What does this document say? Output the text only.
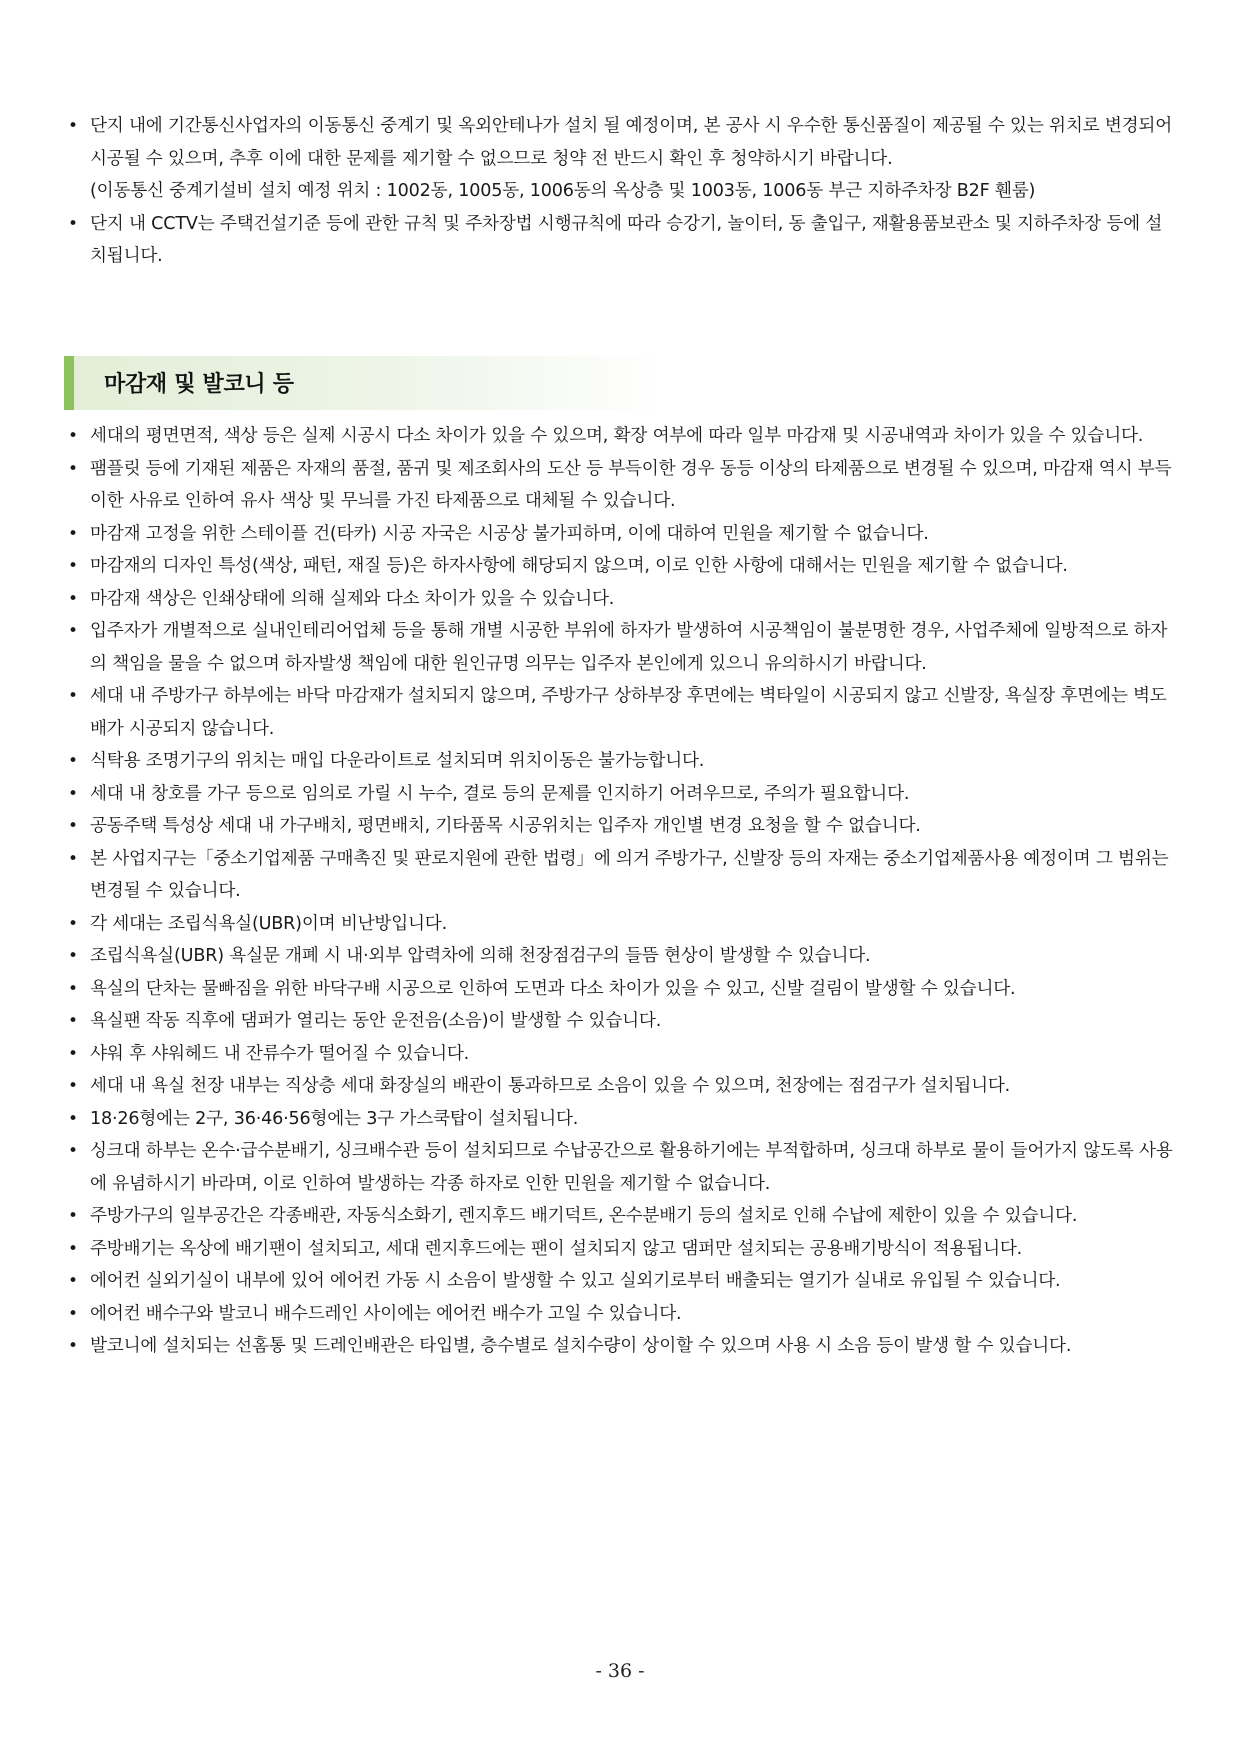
• 단지 내에 기간통신사업자의 이동통신 중계기 및 옥외안테나가 설치 될 예정이며, 본 공사 시 우수한 통신품질이 제공될 수 있는 위치로 변경되어 시공될 수 있으며, 추후 이에 대한 문제를 제기할 수 없으므로 청약 전 반드시 확인 후 청약하시기 바랍니다.
(이동통신 중계기설비 설치 예정 위치 : 1002동, 1005동, 1006동의 옥상층 및 1003동, 1006동 부근 지하주차장 B2F 휀룸)
• 단지 내 CCTV는 주택건설기준 등에 관한 규칙 및 주차장법 시행규칙에 따라 승강기, 놀이터, 동 출입구, 재활용품보관소 및 지하주차장 등에 설치됩니다.
마감재 및 발코니 등
• 세대의 평면면적, 색상 등은 실제 시공시 다소 차이가 있을 수 있으며, 확장 여부에 따라 일부 마감재 및 시공내역과 차이가 있을 수 있습니다.
• 팸플릿 등에 기재된 제품은 자재의 품절, 품귀 및 제조회사의 도산 등 부득이한 경우 동등 이상의 타제품으로 변경될 수 있으며, 마감재 역시 부득이한 사유로 인하여 유사 색상 및 무늬를 가진 타제품으로 대체될 수 있습니다.
• 마감재 고정을 위한 스테이플 건(타카) 시공 자국은 시공상 불가피하며, 이에 대하여 민원을 제기할 수 없습니다.
• 마감재의 디자인 특성(색상, 패턴, 재질 등)은 하자사항에 해당되지 않으며, 이로 인한 사항에 대해서는 민원을 제기할 수 없습니다.
• 마감재 색상은 인쇄상태에 의해 실제와 다소 차이가 있을 수 있습니다.
• 입주자가 개별적으로 실내인테리어업체 등을 통해 개별 시공한 부위에 하자가 발생하여 시공책임이 불분명한 경우, 사업주체에 일방적으로 하자의 책임을 물을 수 없으며 하자발생 책임에 대한 원인규명 의무는 입주자 본인에게 있으니 유의하시기 바랍니다.
• 세대 내 주방가구 하부에는 바닥 마감재가 설치되지 않으며, 주방가구 상하부장 후면에는 벽타일이 시공되지 않고 신발장, 욕실장 후면에는 벽도배가 시공되지 않습니다.
• 식탁용 조명기구의 위치는 매입 다운라이트로 설치되며 위치이동은 불가능합니다.
• 세대 내 창호를 가구 등으로 임의로 가릴 시 누수, 결로 등의 문제를 인지하기 어려우므로, 주의가 필요합니다.
• 공동주택 특성상 세대 내 가구배치, 평면배치, 기타품목 시공위치는 입주자 개인별 변경 요청을 할 수 없습니다.
• 본 사업지구는「중소기업제품 구매촉진 및 판로지원에 관한 법령」에 의거 주방가구, 신발장 등의 자재는 중소기업제품사용 예정이며 그 범위는 변경될 수 있습니다.
• 각 세대는 조립식욕실(UBR)이며 비난방입니다.
• 조립식욕실(UBR) 욕실문 개폐 시 내·외부 압력차에 의해 천장점검구의 들뜸 현상이 발생할 수 있습니다.
• 욕실의 단차는 물빠짐을 위한 바닥구배 시공으로 인하여 도면과 다소 차이가 있을 수 있고, 신발 걸림이 발생할 수 있습니다.
• 욕실팬 작동 직후에 댐퍼가 열리는 동안 운전음(소음)이 발생할 수 있습니다.
• 샤워 후 샤워헤드 내 잔류수가 떨어질 수 있습니다.
• 세대 내 욕실 천장 내부는 직상층 세대 화장실의 배관이 통과하므로 소음이 있을 수 있으며, 천장에는 점검구가 설치됩니다.
• 18·26형에는 2구, 36·46·56형에는 3구 가스쿡탑이 설치됩니다.
• 싱크대 하부는 온수·급수분배기, 싱크배수관 등이 설치되므로 수납공간으로 활용하기에는 부적합하며, 싱크대 하부로 물이 들어가지 않도록 사용에 유념하시기 바라며, 이로 인하여 발생하는 각종 하자로 인한 민원을 제기할 수 없습니다.
• 주방가구의 일부공간은 각종배관, 자동식소화기, 렌지후드 배기덕트, 온수분배기 등의 설치로 인해 수납에 제한이 있을 수 있습니다.
• 주방배기는 옥상에 배기팬이 설치되고, 세대 렌지후드에는 팬이 설치되지 않고 댐퍼만 설치되는 공용배기방식이 적용됩니다.
• 에어컨 실외기실이 내부에 있어 에어컨 가동 시 소음이 발생할 수 있고 실외기로부터 배출되는 열기가 실내로 유입될 수 있습니다.
• 에어컨 배수구와 발코니 배수드레인 사이에는 에어컨 배수가 고일 수 있습니다.
• 발코니에 설치되는 선홈통 및 드레인배관은 타입별, 층수별로 설치수량이 상이할 수 있으며 사용 시 소음 등이 발생 할 수 있습니다.
- 36 -
